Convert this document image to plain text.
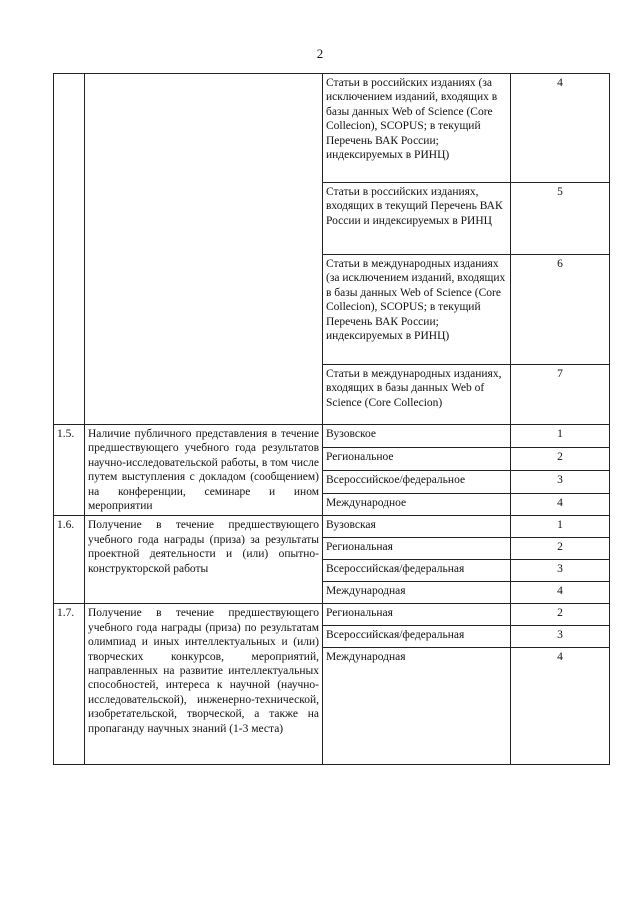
2
		Статьи в российских изданиях (за исключением изданий, входящих в базы данных Web of Science (Core Collecion), SCOPUS; в текущий Перечень ВАК России; индексируемых в РИНЦ)	4
		Статьи в российских изданиях, входящих в текущий Перечень ВАК России и индексируемых в РИНЦ	5
		Статьи в международных изданиях (за исключением изданий, входящих в базы данных Web of Science (Core Collecion), SCOPUS; в текущий Перечень ВАК России; индексируемых в РИНЦ)	6
		Статьи в международных изданиях, входящих в базы данных Web of Science (Core Collecion)	7
1.5.	Наличие публичного представления в течение предшествующего учебного года результатов научно-исследовательской работы, в том числе путем выступления с докладом (сообщением) на конференции, семинаре и ином мероприятии	Вузовское	1
		Региональное	2
		Всероссийское/федеральное	3
		Международное	4
1.6.	Получение в течение предшествующего учебного года награды (приза) за результаты проектной деятельности и (или) опытно-конструкторской работы	Вузовская	1
		Региональная	2
		Всероссийская/федеральная	3
		Международная	4
1.7.	Получение в течение предшествующего учебного года награды (приза) по результатам олимпиад и иных интеллектуальных и (или) творческих конкурсов, мероприятий, направленных на развитие интеллектуальных способностей, интереса к научной (научно-исследовательской), инженерно-технической, изобретательской, творческой, а также на пропаганду научных знаний (1-3 места)	Региональная	2
		Всероссийская/федеральная	3
		Международная	4
